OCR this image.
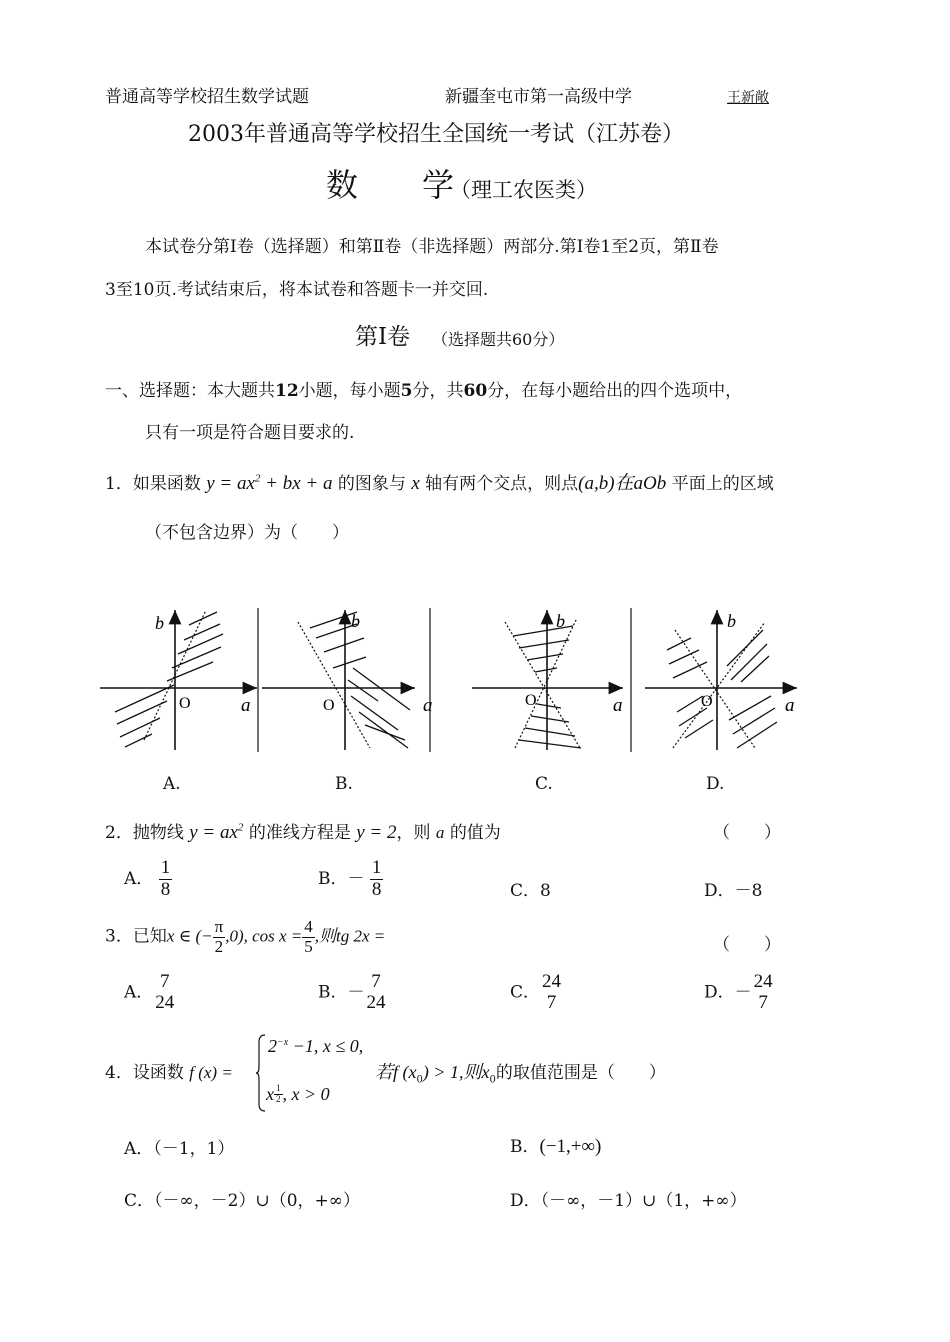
普通高等学校招生数学试题	新疆奎屯市第一高级中学	王新敞
2003年普通高等学校招生全国统一考试（江苏卷）
数　　学
（理工农医类）
本试卷分第Ⅰ卷（选择题）和第Ⅱ卷（非选择题）两部分.第Ⅰ卷1至2页，第Ⅱ卷
3至10页.考试结束后，将本试卷和答题卡一并交回.
第Ⅰ卷 （选择题共60分）
一、选择题：本大题共12小题，每小题5分，共60分，在每小题给出的四个选项中，
只有一项是符合题目要求的.
1．如果函数 $y = ax^2$ + bx + a 的图象与 x 轴有两个交点，则点(a,b)在aOb 平面上的区域
（不包含边界）为（　　）
b
O	a
b
O	a
b
O	a
b
O	a
A.	B.	C.	D.
2．抛物线 $y = ax^2$ 的准线方程是 y = 2，则 a 的值为	（　　）
A． $\frac{1}{8}$	B．－ $\frac{1}{8}$	C．8	D．－8
3．已知x ∈ (− $\frac{\pi}{2} ,0$), $\cos x = \frac{4}{5}$ ,则tg 2x =	（　　）
A．
7
24	B．－
7
24	C．
24
7	D．－
24
7
4．设函数 f (x) =
$2^{-x} -1$, x ≤ 0,
x $\frac{1}{2}$ , x > 0
若f $(x_0) > 1$,则$x_0$的取值范围是（　　）
A．（－1，1）	B．(−1,+∞)
C．（－∞，－2）∪（0，+∞）	D．（－∞，－1）∪（1，+∞）
